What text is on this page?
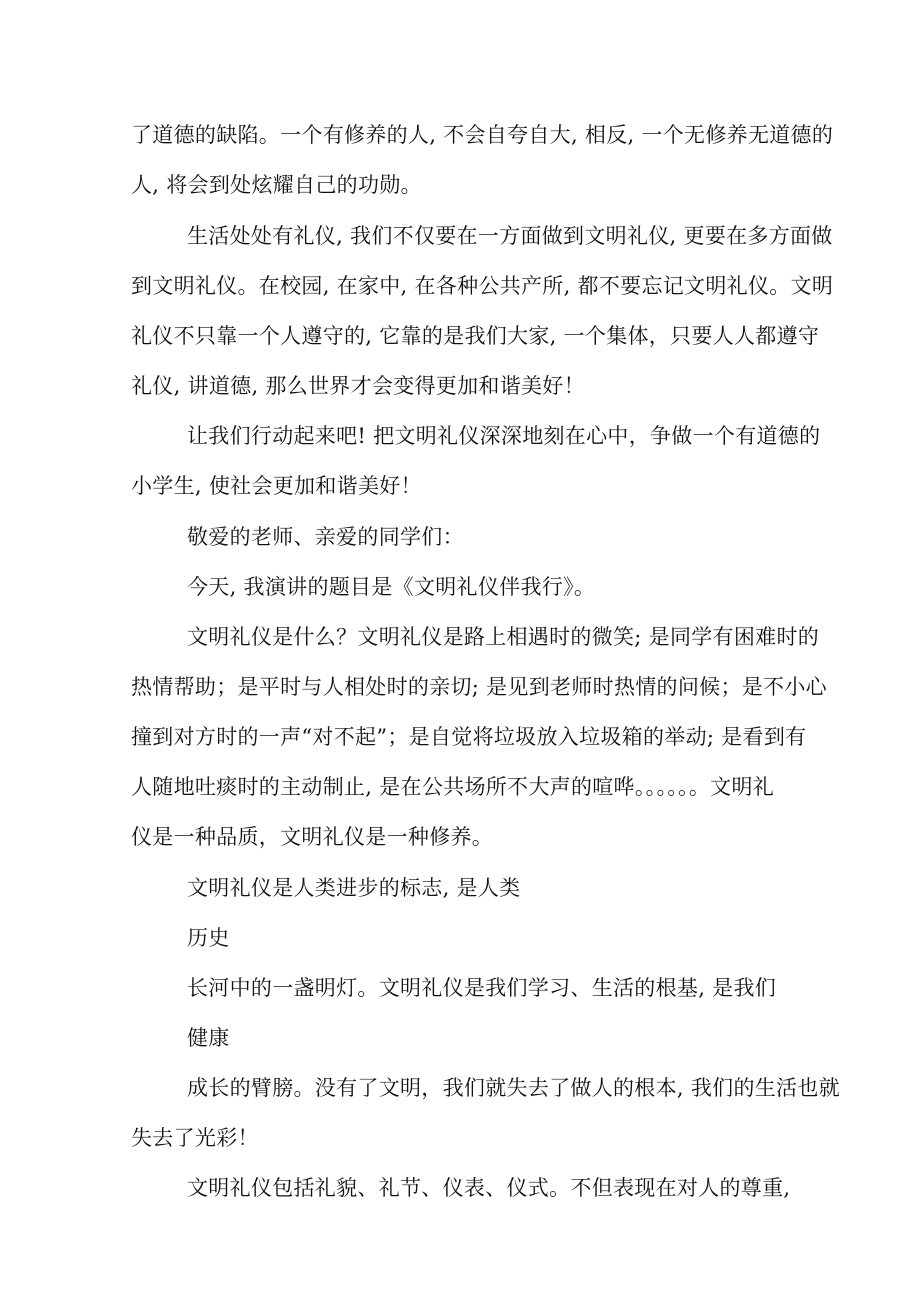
了道德的缺陷。一个有修养的人, 不会自夸自大, 相反, 一个无修养无道德的
人, 将会到处炫耀自己的功勋。
生活处处有礼仪, 我们不仅要在一方面做到文明礼仪, 更要在多方面做
到文明礼仪。在校园, 在家中, 在各种公共产所, 都不要忘记文明礼仪。文明
礼仪不只靠一个人遵守的, 它靠的是我们大家, 一个集体，只要人人都遵守
礼仪, 讲道德, 那么世界才会变得更加和谐美好！
让我们行动起来吧! 把文明礼仪深深地刻在心中，争做一个有道德的
小学生, 使社会更加和谐美好！
敬爱的老师、亲爱的同学们：
今天, 我演讲的题目是《文明礼仪伴我行》。
文明礼仪是什么？文明礼仪是路上相遇时的微笑; 是同学有困难时的
热情帮助；是平时与人相处时的亲切; 是见到老师时热情的问候；是不小心
撞到对方时的一声“对不起”；是自觉将垃圾放入垃圾箱的举动; 是看到有
人随地吐痰时的主动制止, 是在公共场所不大声的喧哗。。。。。。文明礼
仪是一种品质，文明礼仪是一种修养。
文明礼仪是人类进步的标志, 是人类
历史
长河中的一盏明灯。文明礼仪是我们学习、生活的根基, 是我们
健康
成长的臂膀。没有了文明，我们就失去了做人的根本, 我们的生活也就
失去了光彩！
文明礼仪包括礼貌、礼节、仪表、仪式。不但表现在对人的尊重,
